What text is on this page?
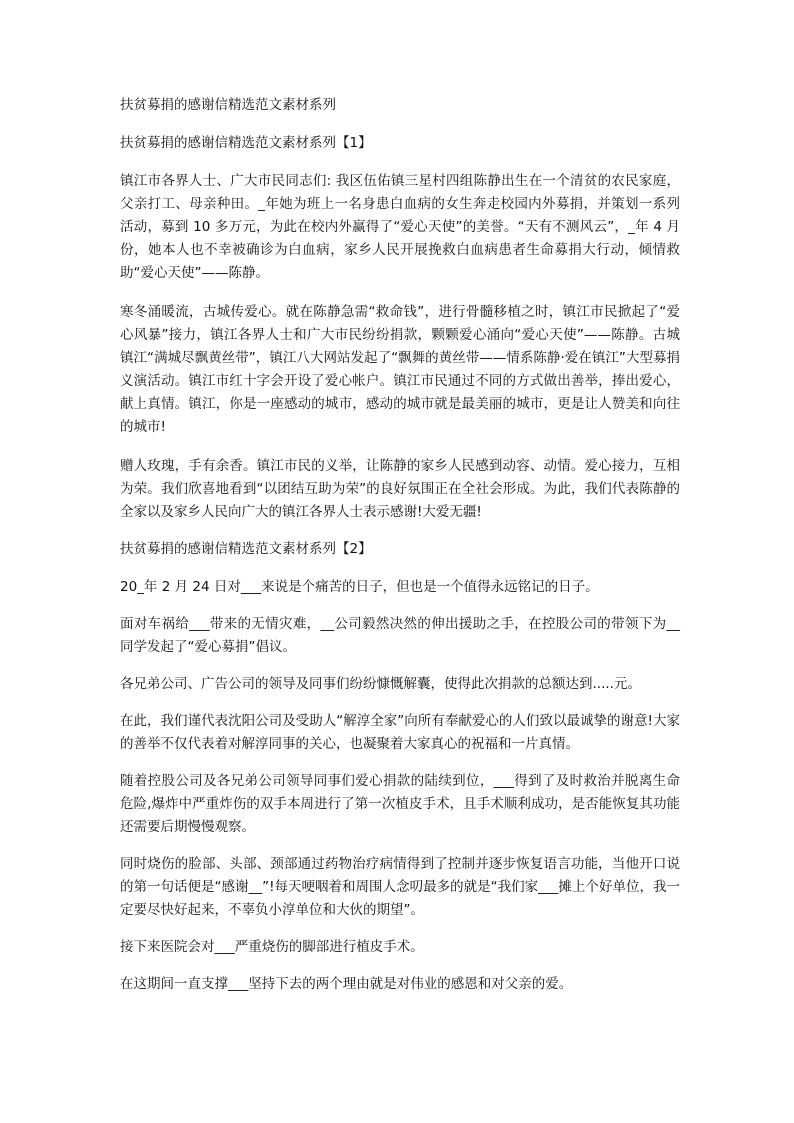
扶贫募捐的感谢信精选范文素材系列
扶贫募捐的感谢信精选范文素材系列【1】

镇江市各界人士、广大市民同志们: 我区伍佑镇三星村四组陈静出生在一个清贫的农民家庭，父亲打工、母亲种田。_年她为班上一名身患白血病的女生奔走校园内外募捐，并策划一系列活动，募到 10 多万元，为此在校内外赢得了“爱心天使”的美誉。“天有不测风云”，_年 4 月份，她本人也不幸被确诊为白血病，家乡人民开展挽救白血病患者生命募捐大行动，倾情救助“爱心天使”——陈静。

寒冬涌暖流，古城传爱心。就在陈静急需“救命钱”，进行骨髓移植之时，镇江市民掀起了“爱心风暴”接力，镇江各界人士和广大市民纷纷捐款，颗颗爱心涌向“爱心天使”——陈静。古城镇江“满城尽飘黄丝带”，镇江八大网站发起了“飘舞的黄丝带——情系陈静·爱在镇江”大型募捐义演活动。镇江市红十字会开设了爱心帐户。镇江市民通过不同的方式做出善举，捧出爱心，献上真情。镇江，你是一座感动的城市，感动的城市就是最美丽的城市，更是让人赞美和向往的城市!

赠人玫瑰，手有余香。镇江市民的义举，让陈静的家乡人民感到动容、动情。爱心接力，互相为荣。我们欣喜地看到“以团结互助为荣”的良好氛围正在全社会形成。为此，我们代表陈静的全家以及家乡人民向广大的镇江各界人士表示感谢!大爱无疆!

扶贫募捐的感谢信精选范文素材系列【2】

20_年 2 月 24 日对___来说是个痛苦的日子，但也是一个值得永远铭记的日子。

面对车祸给___带来的无情灾难，__公司毅然决然的伸出援助之手，在控股公司的带领下为__同学发起了“爱心募捐”倡议。

各兄弟公司、广告公司的领导及同事们纷纷慷慨解囊，使得此次捐款的总额达到.....元。

在此，我们谨代表沈阳公司及受助人“解淳全家”向所有奉献爱心的人们致以最诚挚的谢意!大家的善举不仅代表着对解淳同事的关心，也凝聚着大家真心的祝福和一片真情。

随着控股公司及各兄弟公司领导同事们爱心捐款的陆续到位，___得到了及时救治并脱离生命危险,爆炸中严重炸伤的双手本周进行了第一次植皮手术，且手术顺利成功，是否能恢复其功能还需要后期慢慢观察。

同时烧伤的脸部、头部、颈部通过药物治疗病情得到了控制并逐步恢复语言功能，当他开口说的第一句话便是“感谢__”!每天哽咽着和周围人念叨最多的就是“我们家___摊上个好单位，我一定要尽快好起来，不辜负小淳单位和大伙的期望”。

接下来医院会对___严重烧伤的脚部进行植皮手术。

在这期间一直支撑___坚持下去的两个理由就是对伟业的感恩和对父亲的爱。
